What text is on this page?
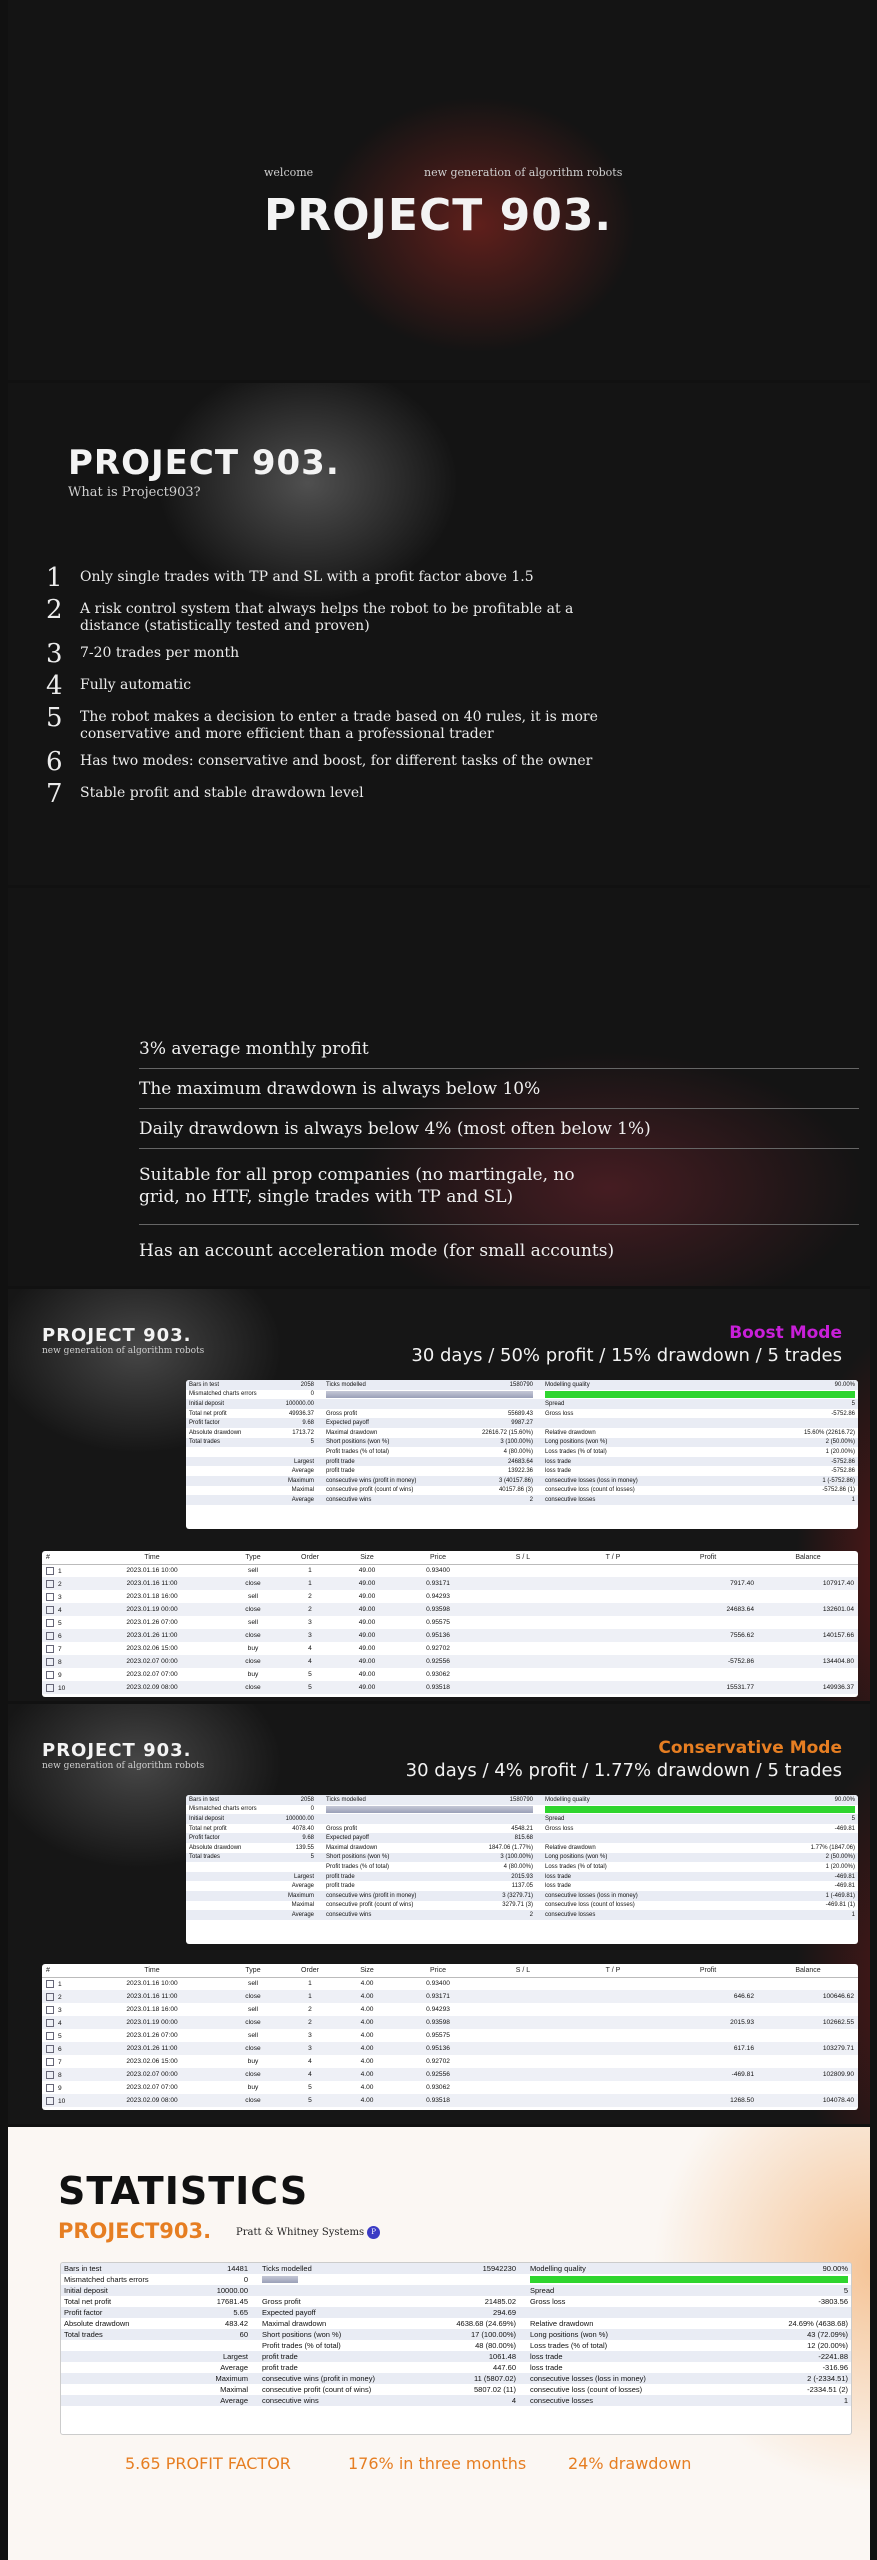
welcome	new generation of algorithm robots
PROJECT 903.
PROJECT 903.

What is Project903?

1	Only single trades with TP and SL with a profit factor above 1.5
2	A risk control system that always helps the robot to be profitable at a distance (statistically tested and proven)
3	7-20 trades per month
4	Fully automatic
5	The robot makes a decision to enter a trade based on 40 rules, it is more conservative and more efficient than a professional trader
6	Has two modes: conservative and boost, for different tasks of the owner
7	Stable profit and stable drawdown level

3% average monthly profit

The maximum drawdown is always below 10%

Daily drawdown is always below 4% (most often below 1%)

Suitable for all prop companies (no martingale, no grid, no HTF, single trades with TP and SL)

Has an account acceleration mode (for small accounts)

PROJECT 903.

new generation of algorithm robots

Boost Mode
30 days / 50% profit / 15% drawdown / 5 trades
Bars in test	2058		Ticks modelled	1580790		Modelling quality	90.00%
Mismatched charts errors	0				

Initial deposit	100000.00					Spread	5
Total net profit	49936.37		Gross profit	55689.43		Gross loss	-5752.86
Profit factor	9.68		Expected payoff	9987.27			
Absolute drawdown	1713.72		Maximal drawdown	22616.72 (15.60%)		Relative drawdown	15.60% (22616.72)
Total trades	5		Short positions (won %)	3 (100.00%)		Long positions (won %)	2 (50.00%)
			Profit trades (% of total)	4 (80.00%)		Loss trades (% of total)	1 (20.00%)
Largest			profit trade	24683.64		loss trade	-5752.86
Average			profit trade	13922.36		loss trade	-5752.86
Maximum			consecutive wins (profit in money)	3 (40157.86)		consecutive losses (loss in money)	1 (-5752.86)
Maximal			consecutive profit (count of wins)	40157.86 (3)		consecutive loss (count of losses)	-5752.86 (1)
Average			consecutive wins	2		consecutive losses	1
#	Time	Type	Order	Size	Price	S / L	T / P	Profit	Balance
1	2023.01.16 10:00	sell	1	49.00	0.93400				
2	2023.01.16 11:00	close	1	49.00	0.93171			7917.40	107917.40
3	2023.01.18 16:00	sell	2	49.00	0.94293				
4	2023.01.19 00:00	close	2	49.00	0.93598			24683.64	132601.04
5	2023.01.26 07:00	sell	3	49.00	0.95575				
6	2023.01.26 11:00	close	3	49.00	0.95136			7556.62	140157.66
7	2023.02.06 15:00	buy	4	49.00	0.92702				
8	2023.02.07 00:00	close	4	49.00	0.92556			-5752.86	134404.80
9	2023.02.07 07:00	buy	5	49.00	0.93062				
10	2023.02.09 08:00	close	5	49.00	0.93518			15531.77	149936.37
PROJECT 903.

new generation of algorithm robots

Conservative Mode
30 days / 4% profit / 1.77% drawdown / 5 trades
Bars in test	2058		Ticks modelled	1580790		Modelling quality	90.00%
Mismatched charts errors	0				

Initial deposit	100000.00					Spread	5
Total net profit	4078.40		Gross profit	4548.21		Gross loss	-469.81
Profit factor	9.68		Expected payoff	815.68			
Absolute drawdown	139.55		Maximal drawdown	1847.06 (1.77%)		Relative drawdown	1.77% (1847.06)
Total trades	5		Short positions (won %)	3 (100.00%)		Long positions (won %)	2 (50.00%)
			Profit trades (% of total)	4 (80.00%)		Loss trades (% of total)	1 (20.00%)
Largest			profit trade	2015.93		loss trade	-469.81
Average			profit trade	1137.05		loss trade	-469.81
Maximum			consecutive wins (profit in money)	3 (3279.71)		consecutive losses (loss in money)	1 (-469.81)
Maximal			consecutive profit (count of wins)	3279.71 (3)		consecutive loss (count of losses)	-469.81 (1)
Average			consecutive wins	2		consecutive losses	1
#	Time	Type	Order	Size	Price	S / L	T / P	Profit	Balance
1	2023.01.16 10:00	sell	1	4.00	0.93400				
2	2023.01.16 11:00	close	1	4.00	0.93171			646.62	100646.62
3	2023.01.18 16:00	sell	2	4.00	0.94293				
4	2023.01.19 00:00	close	2	4.00	0.93598			2015.93	102662.55
5	2023.01.26 07:00	sell	3	4.00	0.95575				
6	2023.01.26 11:00	close	3	4.00	0.95136			617.16	103279.71
7	2023.02.06 15:00	buy	4	4.00	0.92702				
8	2023.02.07 00:00	close	4	4.00	0.92556			-469.81	102809.90
9	2023.02.07 07:00	buy	5	4.00	0.93062				
10	2023.02.09 08:00	close	5	4.00	0.93518			1268.50	104078.40
STATISTICS
PROJECT903. Pratt & Whitney Systems P
Bars in test	14481		Ticks modelled	15942230		Modelling quality	90.00%
Mismatched charts errors	0				

Initial deposit	10000.00					Spread	5
Total net profit	17681.45		Gross profit	21485.02		Gross loss	-3803.56
Profit factor	5.65		Expected payoff	294.69			
Absolute drawdown	483.42		Maximal drawdown	4638.68 (24.69%)		Relative drawdown	24.69% (4638.68)
Total trades	60		Short positions (won %)	17 (100.00%)		Long positions (won %)	43 (72.09%)
			Profit trades (% of total)	48 (80.00%)		Loss trades (% of total)	12 (20.00%)
Largest			profit trade	1061.48		loss trade	-2241.88
Average			profit trade	447.60		loss trade	-316.96
Maximum			consecutive wins (profit in money)	11 (5807.02)		consecutive losses (loss in money)	2 (-2334.51)
Maximal			consecutive profit (count of wins)	5807.02 (11)		consecutive loss (count of losses)	-2334.51 (2)
Average			consecutive wins	4		consecutive losses	1
5.65 PROFIT FACTOR	176% in three months	24% drawdown
